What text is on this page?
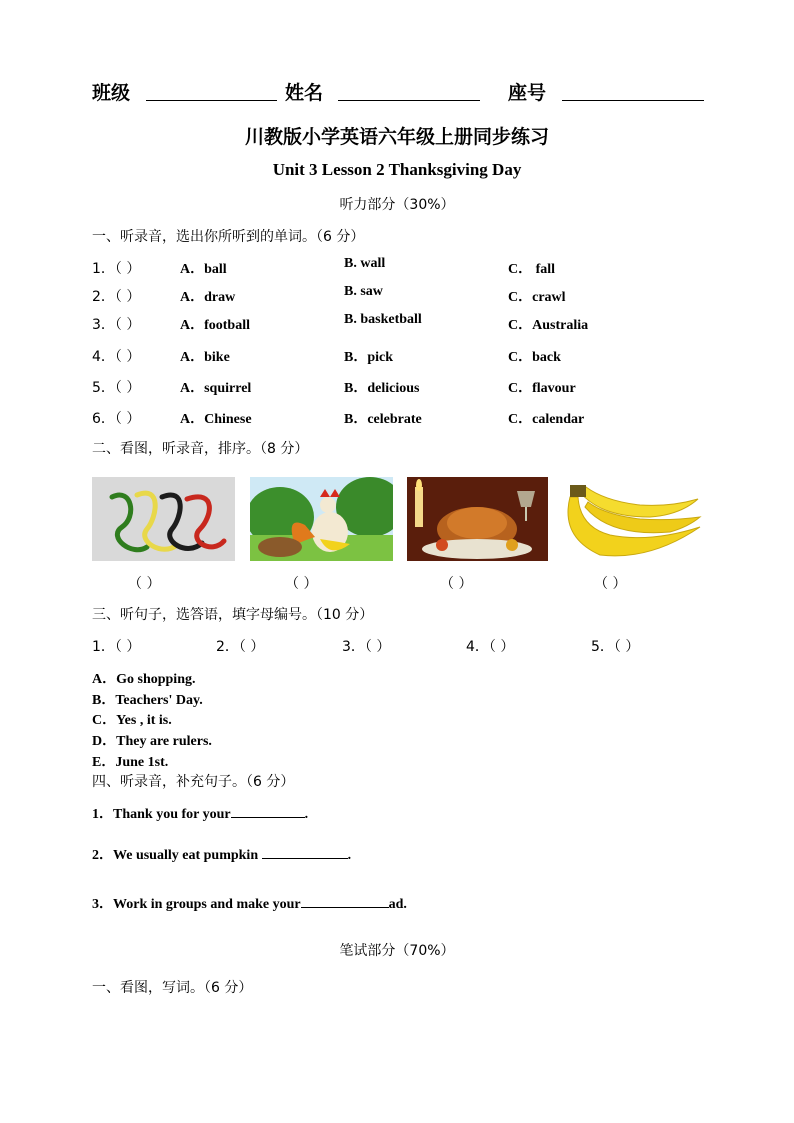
班级	姓名	座号
川教版小学英语六年级上册同步练习
Unit 3 Lesson 2 Thanksgiving Day
听力部分（30%）
一、听录音，选出你所听到的单词。（6 分）
1．（ ）	A．ball	B. wall	C． fall
2．（ ）	A．draw	B. saw	C．crawl
3．（ ）	A．football	B. basketball	C．Australia
4．（ ）	A．bike	B．pick	C．back
5．（ ）	A．squirrel	B．delicious	C．flavour
6．（ ）	A．Chinese	B．celebrate	C．calendar
二、看图，听录音，排序。（8 分）
（ ）	（ ）	（ ）	（ ）
三、听句子，选答语，填字母编号。（10 分）
1．（ ）	2．（ ）	3．（ ）	4．（ ）	5．（ ）
A．Go shopping.
B．Teachers' Day.
C．Yes , it is.
D．They are rulers.
E．June 1st.
四、听录音，补充句子。（6 分）
1．Thank you for your	.
2．We usually eat pumpkin	.
3．Work in groups and make your	ad.
笔试部分（70%）
一、看图，写词。（6 分）
